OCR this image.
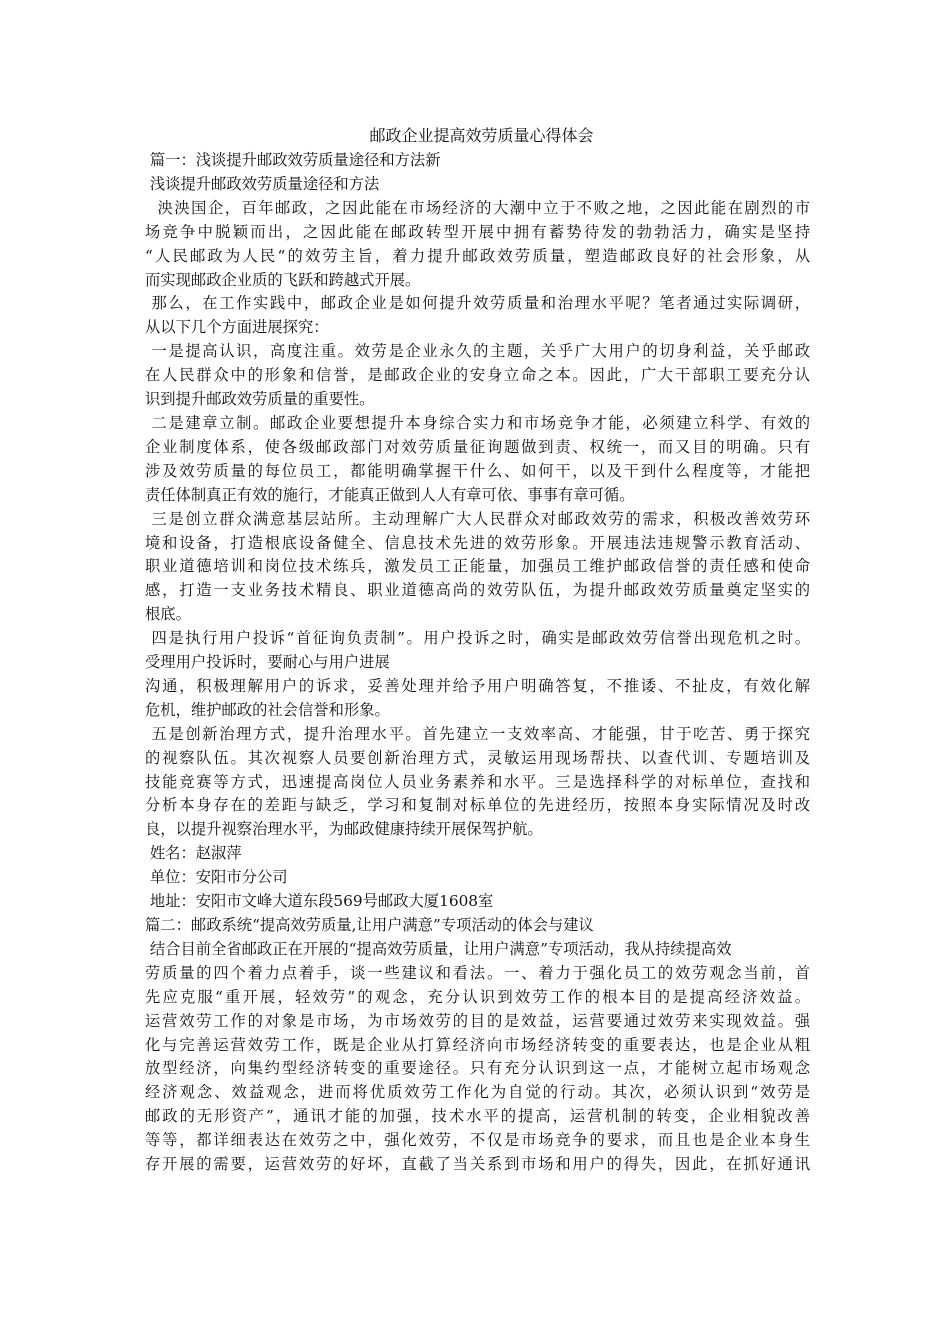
邮政企业提高效劳质量心得体会
篇一：浅谈提升邮政效劳质量途径和方法新
浅谈提升邮政效劳质量途径和方法
泱泱国企，百年邮政，之因此能在市场经济的大潮中立于不败之地，之因此能在剧烈的市
场竞争中脱颖而出，之因此能在邮政转型开展中拥有蓄势待发的勃勃活力，确实是坚持
“人民邮政为人民“的效劳主旨，着力提升邮政效劳质量，塑造邮政良好的社会形象，从
而实现邮政企业质的飞跃和跨越式开展。
那么，在工作实践中，邮政企业是如何提升效劳质量和治理水平呢？笔者通过实际调研，
从以下几个方面进展探究：
一是提高认识，高度注重。效劳是企业永久的主题，关乎广大用户的切身利益，关乎邮政
在人民群众中的形象和信誉，是邮政企业的安身立命之本。因此，广大干部职工要充分认
识到提升邮政效劳质量的重要性。
二是建章立制。邮政企业要想提升本身综合实力和市场竞争才能，必须建立科学、有效的
企业制度体系，使各级邮政部门对效劳质量征询题做到责、权统一，而又目的明确。只有
涉及效劳质量的每位员工，都能明确掌握干什么、如何干，以及干到什么程度等，才能把
责任体制真正有效的施行，才能真正做到人人有章可依、事事有章可循。
三是创立群众满意基层站所。主动理解广大人民群众对邮政效劳的需求，积极改善效劳环
境和设备，打造根底设备健全、信息技术先进的效劳形象。开展违法违规警示教育活动、
职业道德培训和岗位技术练兵，激发员工正能量，加强员工维护邮政信誉的责任感和使命
感，打造一支业务技术精良、职业道德高尚的效劳队伍，为提升邮政效劳质量奠定坚实的
根底。
四是执行用户投诉“首征询负责制”。用户投诉之时，确实是邮政效劳信誉出现危机之时。
受理用户投诉时，要耐心与用户进展
沟通，积极理解用户的诉求，妥善处理并给予用户明确答复，不推诿、不扯皮，有效化解
危机，维护邮政的社会信誉和形象。
五是创新治理方式，提升治理水平。首先建立一支效率高、才能强，甘于吃苦、勇于探究
的视察队伍。其次视察人员要创新治理方式，灵敏运用现场帮扶、以查代训、专题培训及
技能竞赛等方式，迅速提高岗位人员业务素养和水平。三是选择科学的对标单位，查找和
分析本身存在的差距与缺乏，学习和复制对标单位的先进经历，按照本身实际情况及时改
良，以提升视察治理水平，为邮政健康持续开展保驾护航。
姓名：赵淑萍
单位：安阳市分公司
地址：安阳市文峰大道东段569号邮政大厦1608室
篇二：邮政系统“提高效劳质量,让用户满意”专项活动的体会与建议
结合目前全省邮政正在开展的“提高效劳质量，让用户满意”专项活动，我从持续提高效
劳质量的四个着力点着手，谈一些建议和看法。一、着力于强化员工的效劳观念当前，首
先应克服“重开展，轻效劳”的观念，充分认识到效劳工作的根本目的是提高经济效益。
运营效劳工作的对象是市场，为市场效劳的目的是效益，运营要通过效劳来实现效益。强
化与完善运营效劳工作，既是企业从打算经济向市场经济转变的重要表达，也是企业从粗
放型经济，向集约型经济转变的重要途径。只有充分认识到这一点，才能树立起市场观念
经济观念、效益观念，进而将优质效劳工作化为自觉的行动。其次，必须认识到“效劳是
邮政的无形资产”，通讯才能的加强，技术水平的提高，运营机制的转变，企业相貌改善
等等，都详细表达在效劳之中，强化效劳，不仅是市场竞争的要求，而且也是企业本身生
存开展的需要，运营效劳的好坏，直截了当关系到市场和用户的得失，因此，在抓好通讯
